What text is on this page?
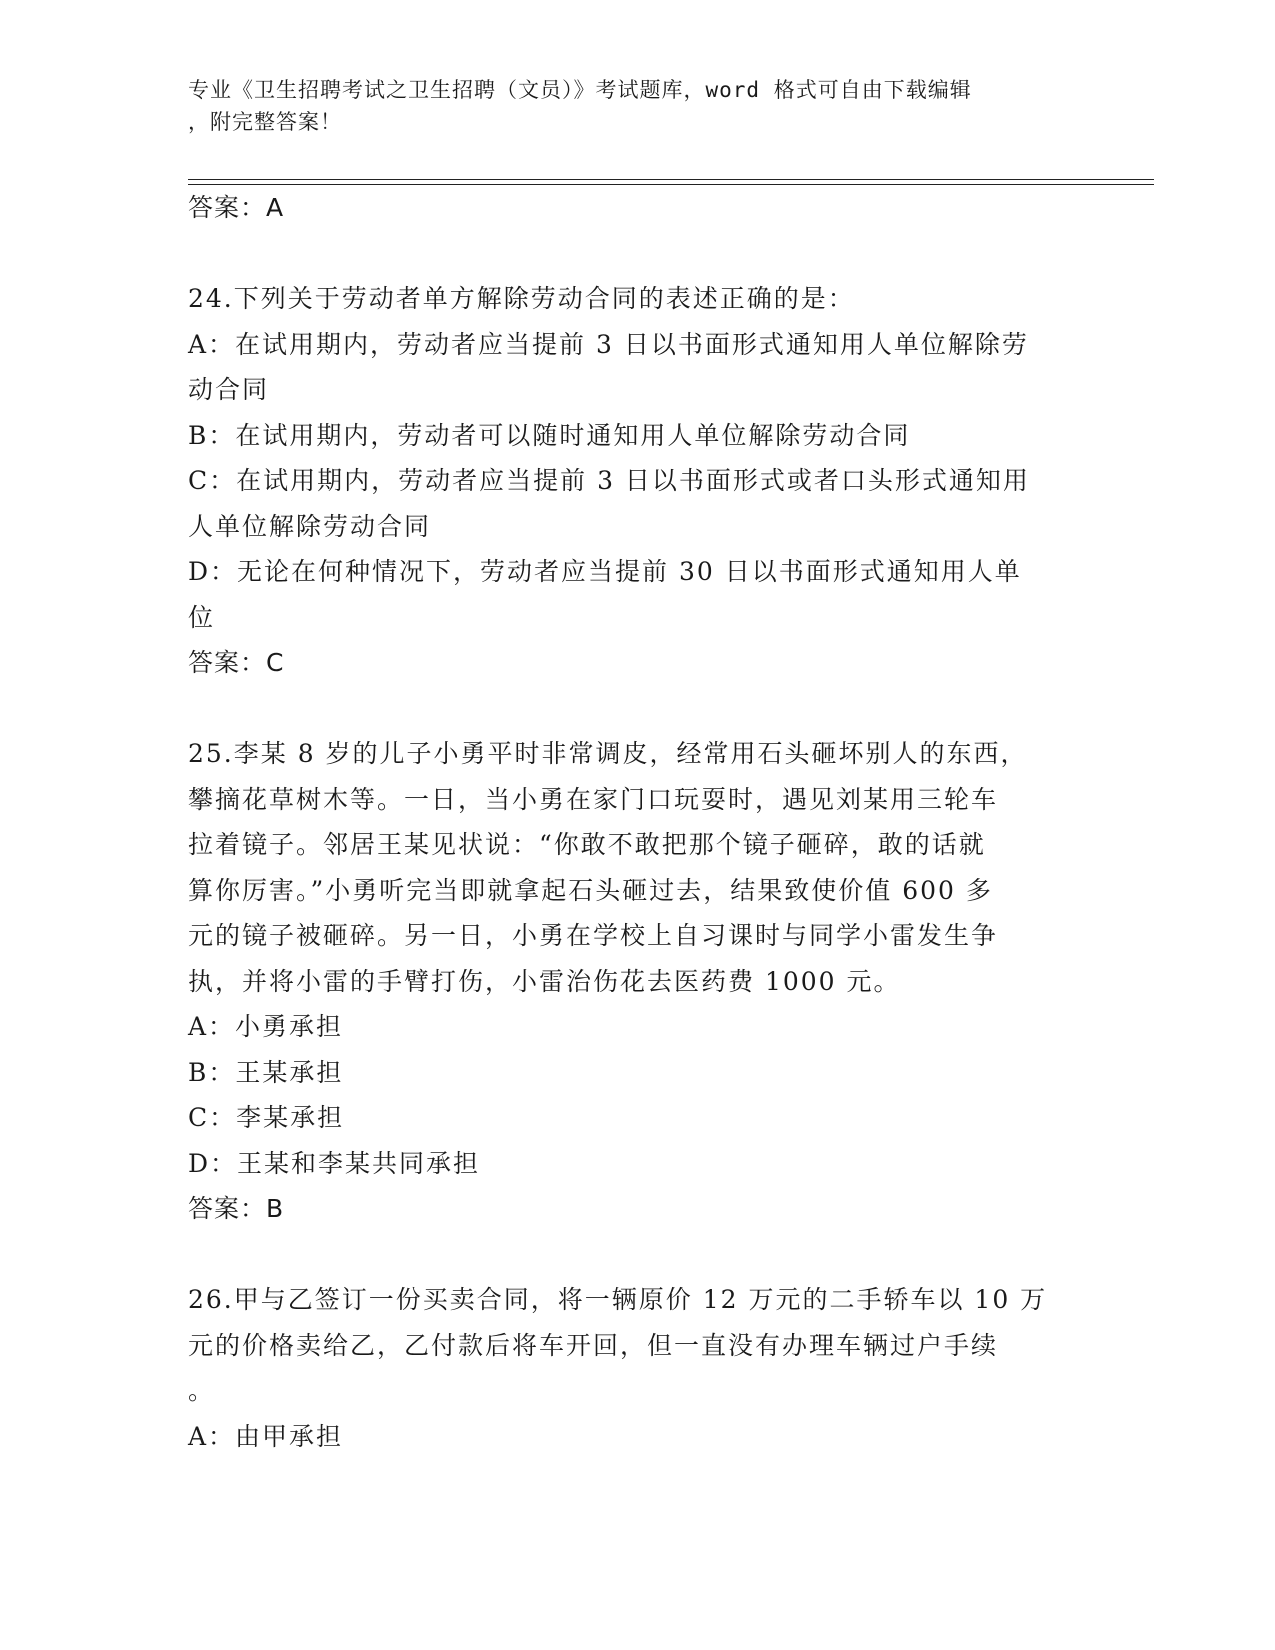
专业《卫生招聘考试之卫生招聘（文员）》考试题库，word 格式可自由下载编辑
，附完整答案！
答案：A
24.下列关于劳动者单方解除劳动合同的表述正确的是：
A：在试用期内，劳动者应当提前 3 日以书面形式通知用人单位解除劳
动合同
B：在试用期内，劳动者可以随时通知用人单位解除劳动合同
C：在试用期内，劳动者应当提前 3 日以书面形式或者口头形式通知用
人单位解除劳动合同
D：无论在何种情况下，劳动者应当提前 30 日以书面形式通知用人单
位
答案：C
25.李某 8 岁的儿子小勇平时非常调皮，经常用石头砸坏别人的东西，
攀摘花草树木等。一日，当小勇在家门口玩耍时，遇见刘某用三轮车
拉着镜子。邻居王某见状说：“你敢不敢把那个镜子砸碎，敢的话就
算你厉害。”小勇听完当即就拿起石头砸过去，结果致使价值 600 多
元的镜子被砸碎。另一日，小勇在学校上自习课时与同学小雷发生争
执，并将小雷的手臂打伤，小雷治伤花去医药费 1000 元。
A：小勇承担
B：王某承担
C：李某承担
D：王某和李某共同承担
答案：B
26.甲与乙签订一份买卖合同，将一辆原价 12 万元的二手轿车以 10 万
元的价格卖给乙，乙付款后将车开回，但一直没有办理车辆过户手续
。
A：由甲承担
